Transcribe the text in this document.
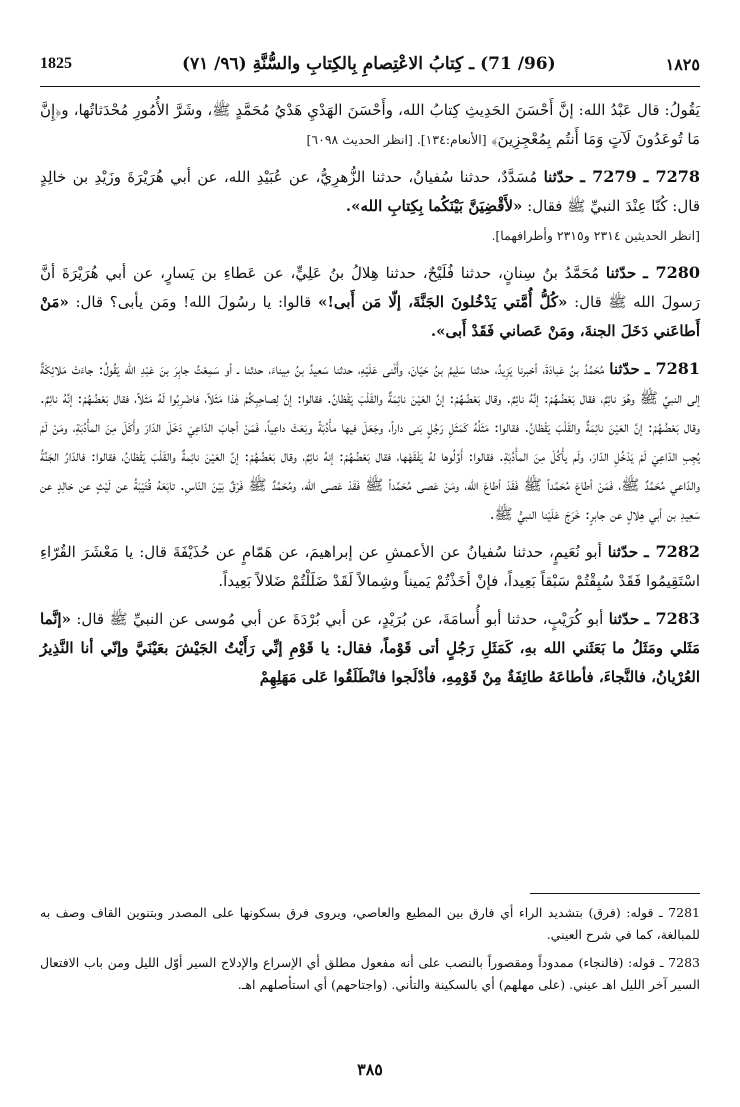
1825	(96/ 71) ـ كِتابُ الاعْتِصامِ بِالكِتابِ والسُّنَّةِ (٩٦/ ٧١)	١٨٢٥

يَقُولُ: قال عَبْدُ الله: إنَّ أَحْسَنَ الحَدِيثِ كِتابُ الله، وأَحْسَنَ الهَدْيِ هَدْيُ مُحَمَّدٍ ﷺ، وشَرَّ الأُمُورِ مُحْدَثاتُها، و﴿إِنَّ مَا تُوعَدُونَ لَآتٍ وَمَا أَنتُم بِمُعْجِزِينَ﴾ [الأنعام:١٣٤]. [انظر الحديث ٦٠٩٨]

7278 ـ 7279 ـ حدّثنا مُسَدَّدٌ، حدثنا سُفيانُ، حدثنا الزُّهرِيُّ، عن عُبَيْدِ الله، عن أبي هُرَيْرَةَ وزَيْدِ بن خالِدٍ قال: كُنّا عِنْدَ النبيِّ ﷺ فقال: «لأَقْضِيَنَّ بَيْنَكُما بِكِتابِ الله».
[انظر الحديثين ٢٣١٤ و٢٣١٥ وأطرافهما].

7280 ـ حدّثنا مُحَمَّدُ بنُ سِنانٍ، حدثنا فُلَيْحٌ، حدثنا هِلالُ بنُ عَلِيٍّ، عن عَطاءِ بن يَسارٍ، عن أبي هُرَيْرَةَ أنَّ رَسولَ الله ﷺ قال: «كُلُّ أُمَّتي يَدْخُلونَ الجَنَّةَ، إلّا مَن أَبى!» قالوا: يا رسُولَ الله! ومَن يأبى؟ قال: «مَنْ أَطاعَني دَخَلَ الجنةَ، ومَنْ عَصاني فَقَدْ أَبى».

7281 ـ حدّثنا مُحَمَّدُ بنُ عَبادَةَ، أخبرنا يَزِيدُ، حدثنا سَلِيمُ بنُ حَيّانَ، وأَثْنى عَلَيْهِ، حدثنا سَعيدُ بنُ مِيناءَ، حدثنا ـ أو سَمِعْتُ جابِرَ بنَ عَبْدِ الله يَقُولُ: جاءَتْ مَلائِكَةٌ إلى النبيِّ ﷺ وهُوَ نائِمٌ، فقال بَعْضُهُمْ: إنَّهُ نائِمٌ. وقال بَعْضُهُمْ: إنَّ العَيْنَ نائِمَةٌ والقَلْبَ يَقْظانُ. فقالوا: إنَّ لِصاحِبِكُمْ هٰذا مَثَلاً، فاضْرِبُوا لَهُ مَثَلاً، فقال بَعْضُهُمْ: إنَّهُ نائِمٌ. وقال بَعْضُهُمْ: إنَّ العَيْنَ نائِمَةٌ والقَلْبَ يَقْظانُ. فقالوا: مَثَلُهُ كَمَثَلِ رَجُلٍ بَنى داراً، وجَعَلَ فيها مأْدُبَةً وبَعَثَ داعِياً، فَمَنْ أجابَ الدّاعِيَ دَخَلَ الدّارَ وأَكَلَ مِنَ المأْدُبَةِ، ومَنْ لَمْ يُجِبِ الدّاعِيَ لَمْ يَدْخُلِ الدّارَ، ولَم يأْكُلْ مِنَ المأْدُبَةِ. فقالوا: أَوِّلُوها لهُ يَفْقَهْها، فقال بَعْضُهُمْ: إنهُ نائِمٌ، وقال بَعْضُهُمْ: إنَّ العَيْنَ نائِمةٌ والقَلْبَ يَقْظانُ، فقالوا: فالدّارُ الجَنَّةُ والدّاعي مُحَمَّدٌ ﷺ، فَمَنْ أطاعَ مُحَمَّداً ﷺ فَقَدْ أطاعَ الله، ومَنْ عَصى مُحَمَّداً ﷺ فَقَدْ عَصى الله، ومُحَمَّدٌ ﷺ فَرْقٌ بَيْنَ النّاسِ. تابَعَهُ قُتَيْبَةُ عن لَيْثٍ عن خالِدٍ عن سَعِيدِ بن أبي هِلالٍ عن جابرٍ: خَرَجَ عَلَيْنا النبيُّ ﷺ.

7282 ـ حدّثنا أبو نُعَيمٍ، حدثنا سُفيانُ عن الأعمشِ عن إبراهيمَ، عن هَمّامٍ عن حُذَيْفَةَ قال: يا مَعْشَرَ القُرّاءِ اسْتَقِيمُوا فَقَدْ سُبِقْتُمْ سَبْقاً بَعِيداً، فإنْ أخَذْتُمْ يَميناً وشِمالاً لَقَدْ ضَلَلْتُمْ ضَلالاً بَعِيداً.

7283 ـ حدّثنا أبو كُرَيْبٍ، حدثنا أبو أُسامَةَ، عن بُرَيْدٍ، عن أبي بُرْدَةَ عن أبي مُوسى عن النبيِّ ﷺ قال: «إنَّما مَثَلي ومَثَلُ ما بَعَثَني الله بهِ، كَمَثَلِ رَجُلٍ أتى قَوْماً، فقال: يا قَوْمِ إنِّي رَأَيْتُ الجَيْشَ بعَيْنَيَّ وإنّي أنا النَّذِيرُ العُرْيانُ، فالنَّجاءَ، فأطاعَهُ طائِفَةٌ مِنْ قَوْمِهِ، فأدْلَجوا فانْطَلَقُوا عَلى مَهَلِهِمْ

7281 ـ قوله: (فرق) بتشديد الراء أي فارق بين المطيع والعاصي، ويروى فرق بسكونها على المصدر وبتنوين القاف وصف به للمبالغة، كما في شرح العيني.

7283 ـ قوله: (فالنجاء) ممدوداً ومقصوراً بالنصب على أنه مفعول مطلق أي الإسراع والإدلاج السير أوّل الليل ومن باب الافتعال السير آخر الليل اهـ عيني. (على مهلهم) أي بالسكينة والتأني. (واجتاحهم) أي استأصلهم اهـ.

٣٨٥
